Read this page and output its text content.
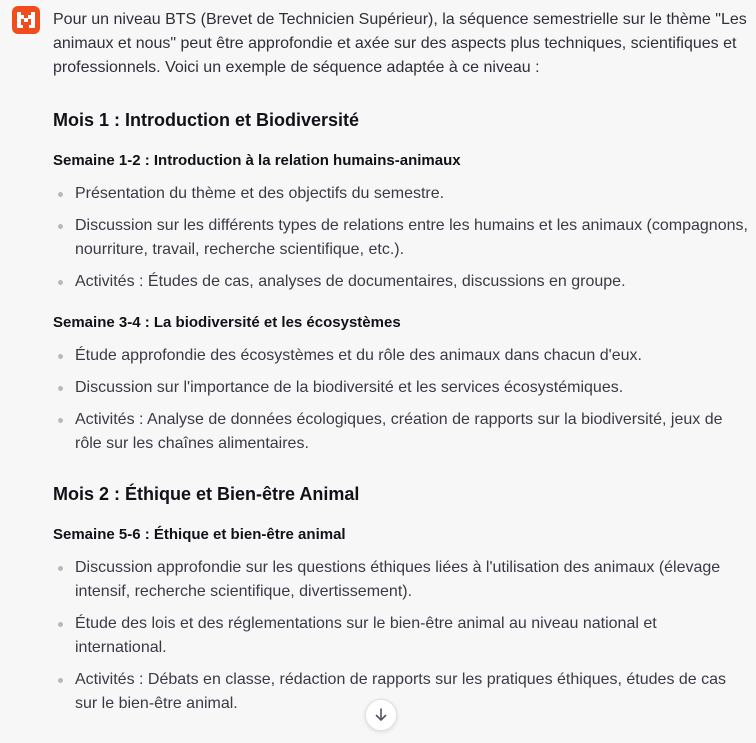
Pour un niveau BTS (Brevet de Technicien Supérieur), la séquence semestrielle sur le thème "Les animaux et nous" peut être approfondie et axée sur des aspects plus techniques, scientifiques et professionnels. Voici un exemple de séquence adaptée à ce niveau :

Mois 1 : Introduction et Biodiversité
Semaine 1-2 : Introduction à la relation humains-animaux
Présentation du thème et des objectifs du semestre.
Discussion sur les différents types de relations entre les humains et les animaux (compagnons, nourriture, travail, recherche scientifique, etc.).
Activités : Études de cas, analyses de documentaires, discussions en groupe.
Semaine 3-4 : La biodiversité et les écosystèmes
Étude approfondie des écosystèmes et du rôle des animaux dans chacun d'eux.
Discussion sur l'importance de la biodiversité et les services écosystémiques.
Activités : Analyse de données écologiques, création de rapports sur la biodiversité, jeux de rôle sur les chaînes alimentaires.
Mois 2 : Éthique et Bien-être Animal
Semaine 5-6 : Éthique et bien-être animal
Discussion approfondie sur les questions éthiques liées à l'utilisation des animaux (élevage intensif, recherche scientifique, divertissement).
Étude des lois et des réglementations sur le bien-être animal au niveau national et international.
Activités : Débats en classe, rédaction de rapports sur les pratiques éthiques, études de cas sur le bien-être animal.
